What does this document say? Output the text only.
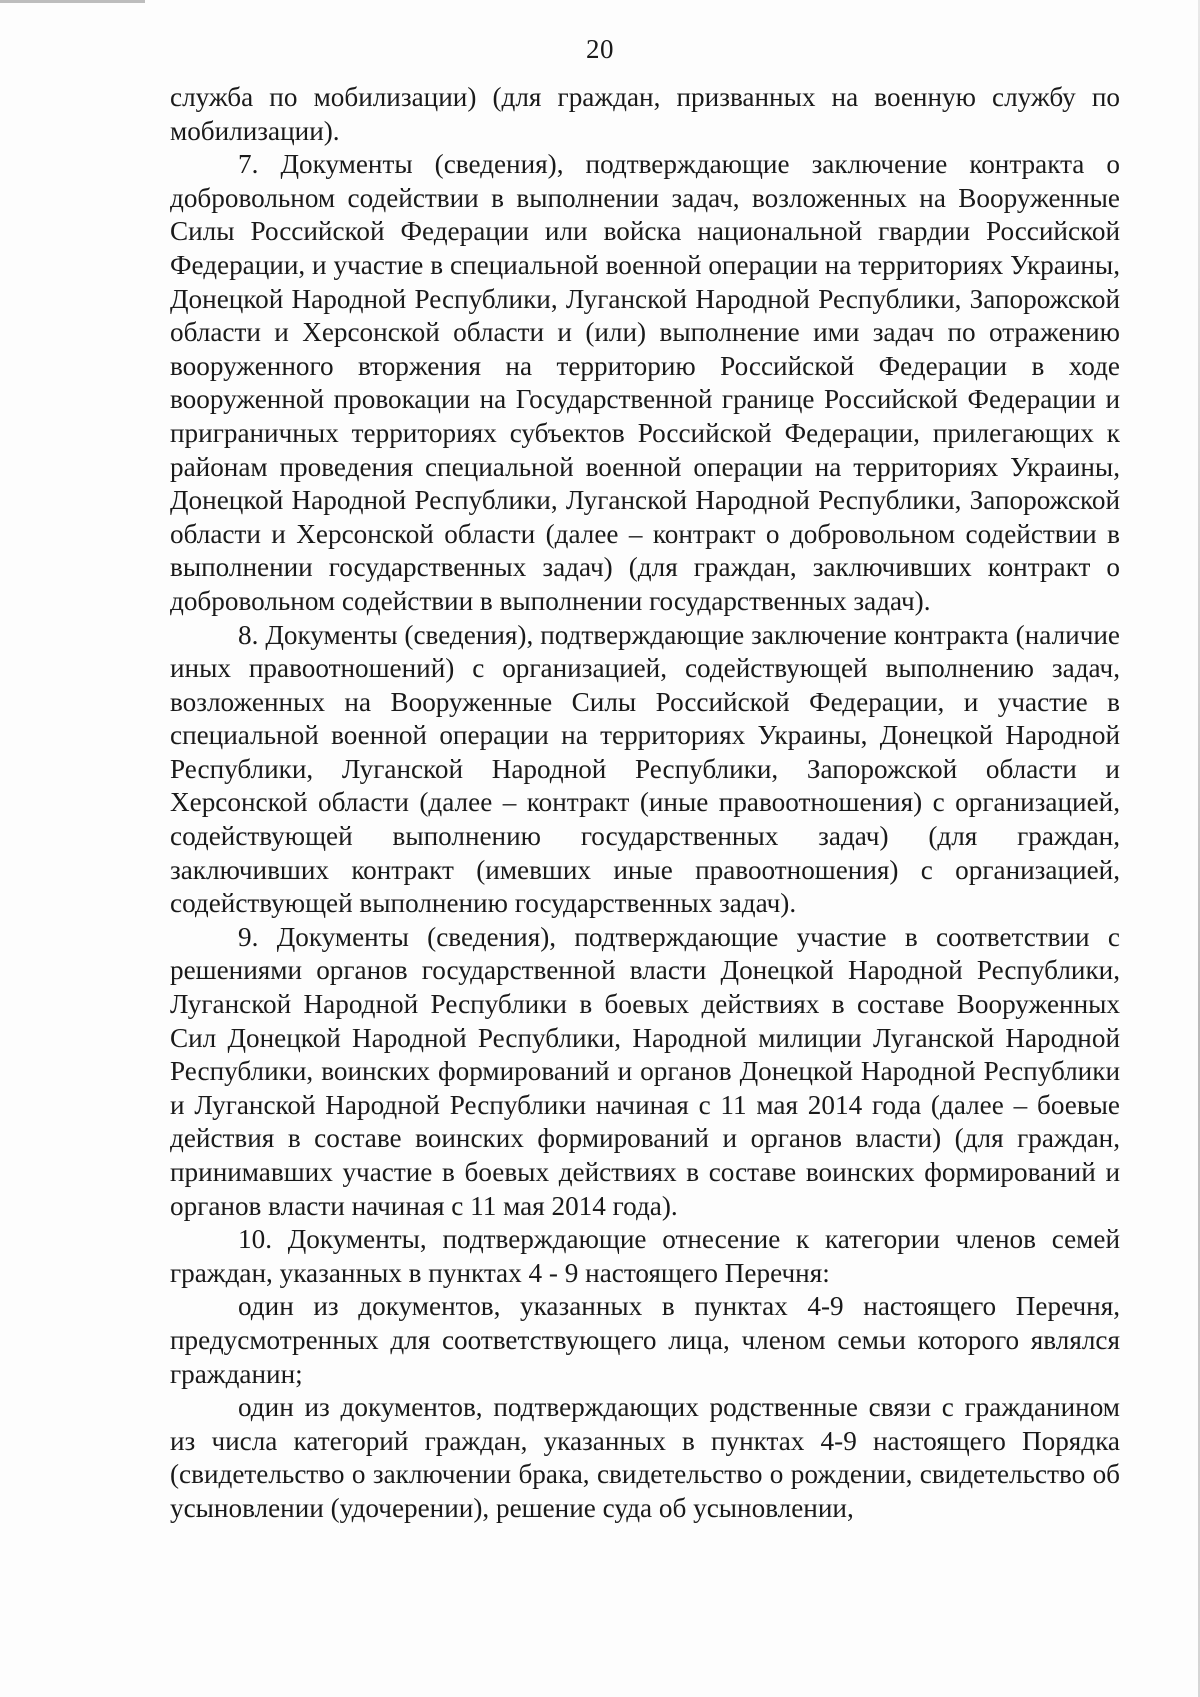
20

служба по мобилизации) (для граждан, призванных на военную службу по мобилизации).

7. Документы (сведения), подтверждающие заключение контракта о добровольном содействии в выполнении задач, возложенных на Вооруженные Силы Российской Федерации или войска национальной гвардии Российской Федерации, и участие в специальной военной операции на территориях Украины, Донецкой Народной Республики, Луганской Народной Республики, Запорожской области и Херсонской области и (или) выполнение ими задач по отражению вооруженного вторжения на территорию Российской Федерации в ходе вооруженной провокации на Государственной границе Российской Федерации и приграничных территориях субъектов Российской Федерации, прилегающих к районам проведения специальной военной операции на территориях Украины, Донецкой Народной Республики, Луганской Народной Республики, Запорожской области и Херсонской области (далее – контракт о добровольном содействии в выполнении государственных задач) (для граждан, заключивших контракт о добровольном содействии в выполнении государственных задач).

8. Документы (сведения), подтверждающие заключение контракта (наличие иных правоотношений) с организацией, содействующей выполнению задач, возложенных на Вооруженные Силы Российской Федерации, и участие в специальной военной операции на территориях Украины, Донецкой Народной Республики, Луганской Народной Республики, Запорожской области и Херсонской области (далее – контракт (иные правоотношения) с организацией, содействующей выполнению государственных задач) (для граждан, заключивших контракт (имевших иные правоотношения) с организацией, содействующей выполнению государственных задач).

9. Документы (сведения), подтверждающие участие в соответствии с решениями органов государственной власти Донецкой Народной Республики, Луганской Народной Республики в боевых действиях в составе Вооруженных Сил Донецкой Народной Республики, Народной милиции Луганской Народной Республики, воинских формирований и органов Донецкой Народной Республики и Луганской Народной Республики начиная с 11 мая 2014 года (далее – боевые действия в составе воинских формирований и органов власти) (для граждан, принимавших участие в боевых действиях в составе воинских формирований и органов власти начиная с 11 мая 2014 года).

10. Документы, подтверждающие отнесение к категории членов семей граждан, указанных в пунктах 4 - 9 настоящего Перечня:

один из документов, указанных в пунктах 4-9 настоящего Перечня, предусмотренных для соответствующего лица, членом семьи которого являлся гражданин;

один из документов, подтверждающих родственные связи с гражданином из числа категорий граждан, указанных в пунктах 4-9 настоящего Порядка (свидетельство о заключении брака, свидетельство о рождении, свидетельство об усыновлении (удочерении), решение суда об усыновлении,
